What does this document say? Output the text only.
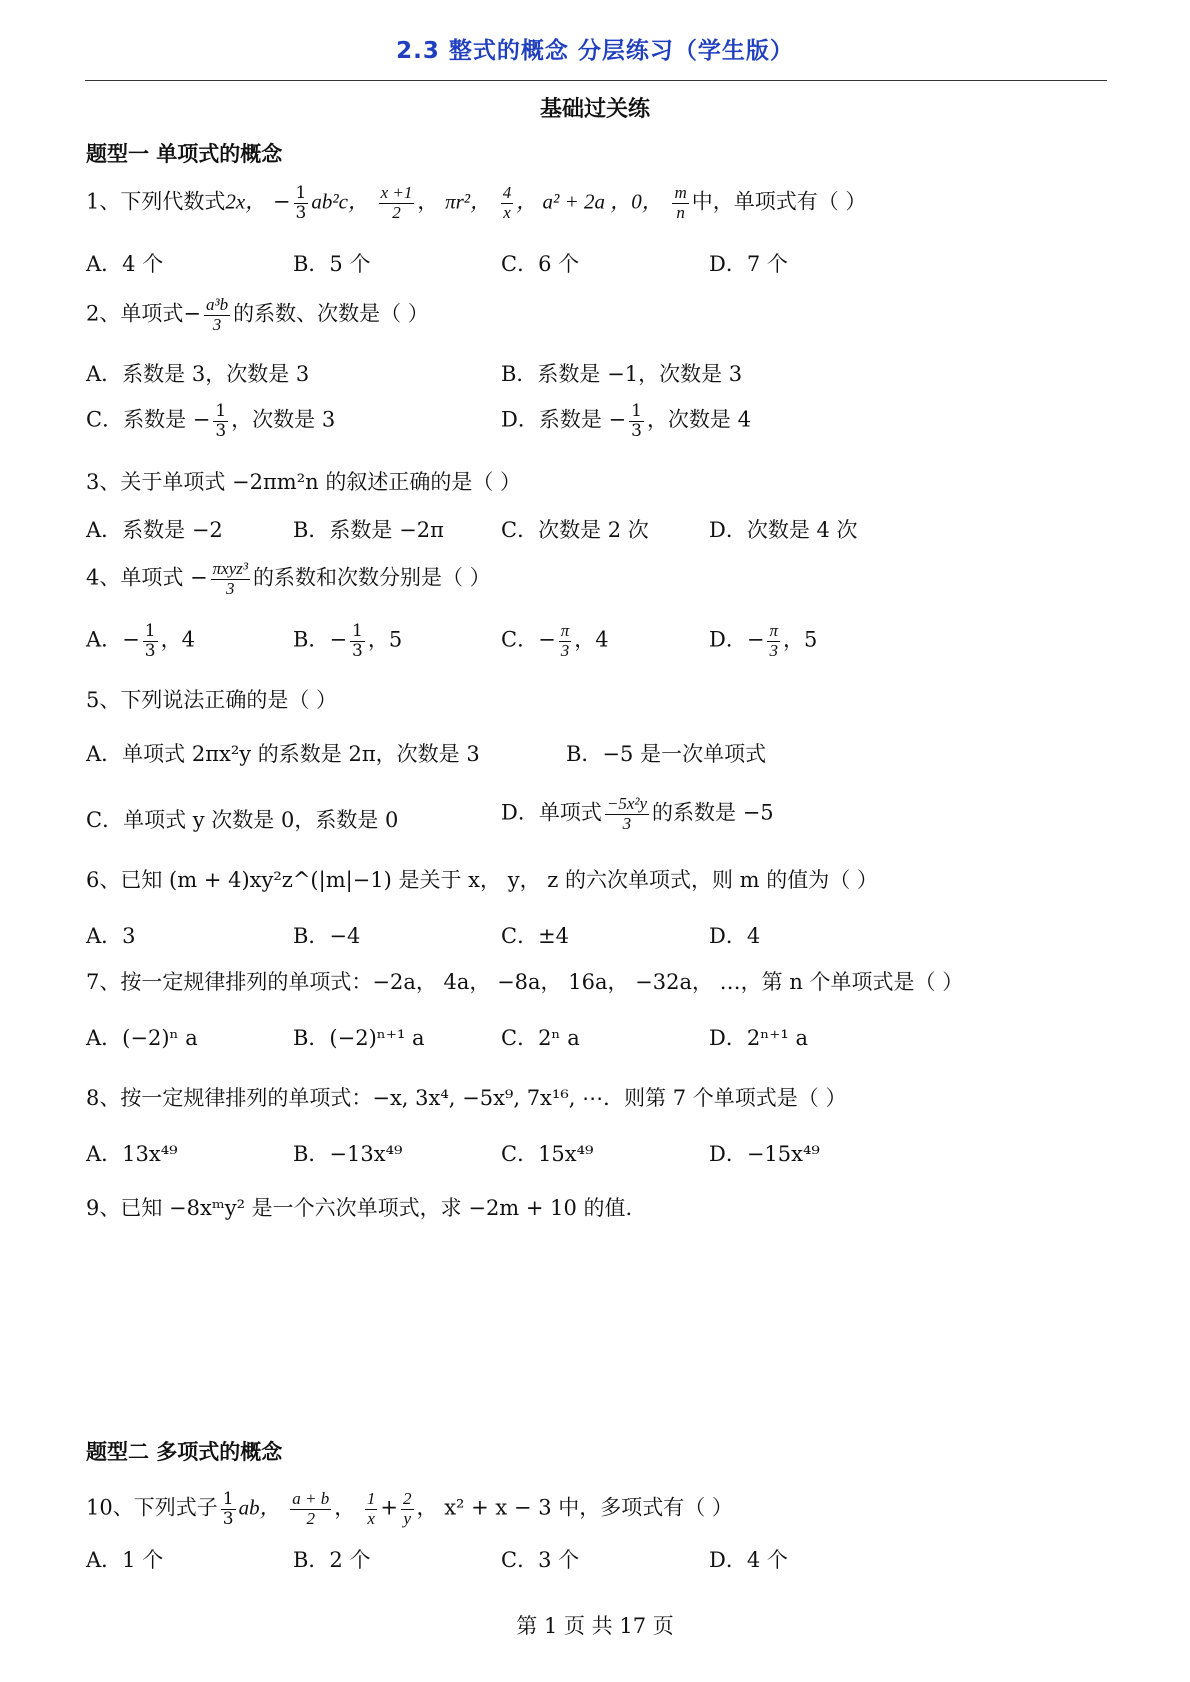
2.3 整式的概念 分层练习（学生版）
基础过关练
题型一 单项式的概念
1、下列代数式2x， − $\frac{1}{3} ab^2c$， $\frac{x +1}{2}$ ， πr²， $\frac{4}{x}$ ， a² + 2a ，0， $\frac{m}{n}$ 中，单项式有（ ）
A．4 个	B．5 个	C．6 个	D．7 个
2、单项式− $\frac{\text{a³b}}{3}$ 的系数、次数是（ ）
A．系数是 3，次数是 3	B．系数是 −1，次数是 3
C．系数是 − $\frac{1}{3}$ ，次数是 3	D．系数是 − $\frac{1}{3}$ ，次数是 4
3、关于单项式 −2πm²n 的叙述正确的是（ ）
A．系数是 −2	B．系数是 −2π	C．次数是 2 次	D．次数是 4 次
4、单项式 − $\frac{\text{πxyz³}}{3}$ 的系数和次数分别是（ ）
A．− $\frac{1}{3}$ ，4	B．− $\frac{1}{3}$ ，5	C．− $\frac{\pi}{3}$ ，4	D．− $\frac{\pi}{3}$ ，5
5、下列说法正确的是（ ）
A．单项式 2πx²y 的系数是 2π，次数是 3	B．−5 是一次单项式
C．单项式 y 次数是 0，系数是 0	D．单项式 $\frac{\text{−5x²y}}{3}$ 的系数是 −5
6、已知 (m + 4)xy²z^(|m|−1) 是关于 x， y， z 的六次单项式，则 m 的值为（ ）
A．3	B．−4	C．±4	D．4
7、按一定规律排列的单项式：−2a， 4a， −8a， 16a， −32a， …，第 n 个单项式是（ ）
A．(−2)ⁿ a	B．(−2)ⁿ⁺¹ a	C．2ⁿ a	D．2ⁿ⁺¹ a
8、按一定规律排列的单项式：−x, 3x⁴, −5x⁹, 7x¹⁶, ⋯．则第 7 个单项式是（ ）
A．13x⁴⁹	B．−13x⁴⁹	C．15x⁴⁹	D．−15x⁴⁹
9、已知 −8xᵐy² 是一个六次单项式，求 −2m + 10 的值.
题型二 多项式的概念
10、下列式子 $\frac{1}{3}$ ab， $\frac{a + b}{2}$ ， $\frac{1}{x} + \frac{2}{y}$ ， x² + x − 3 中，多项式有（ ）
A．1 个	B．2 个	C．3 个	D．4 个
第 1 页 共 17 页
